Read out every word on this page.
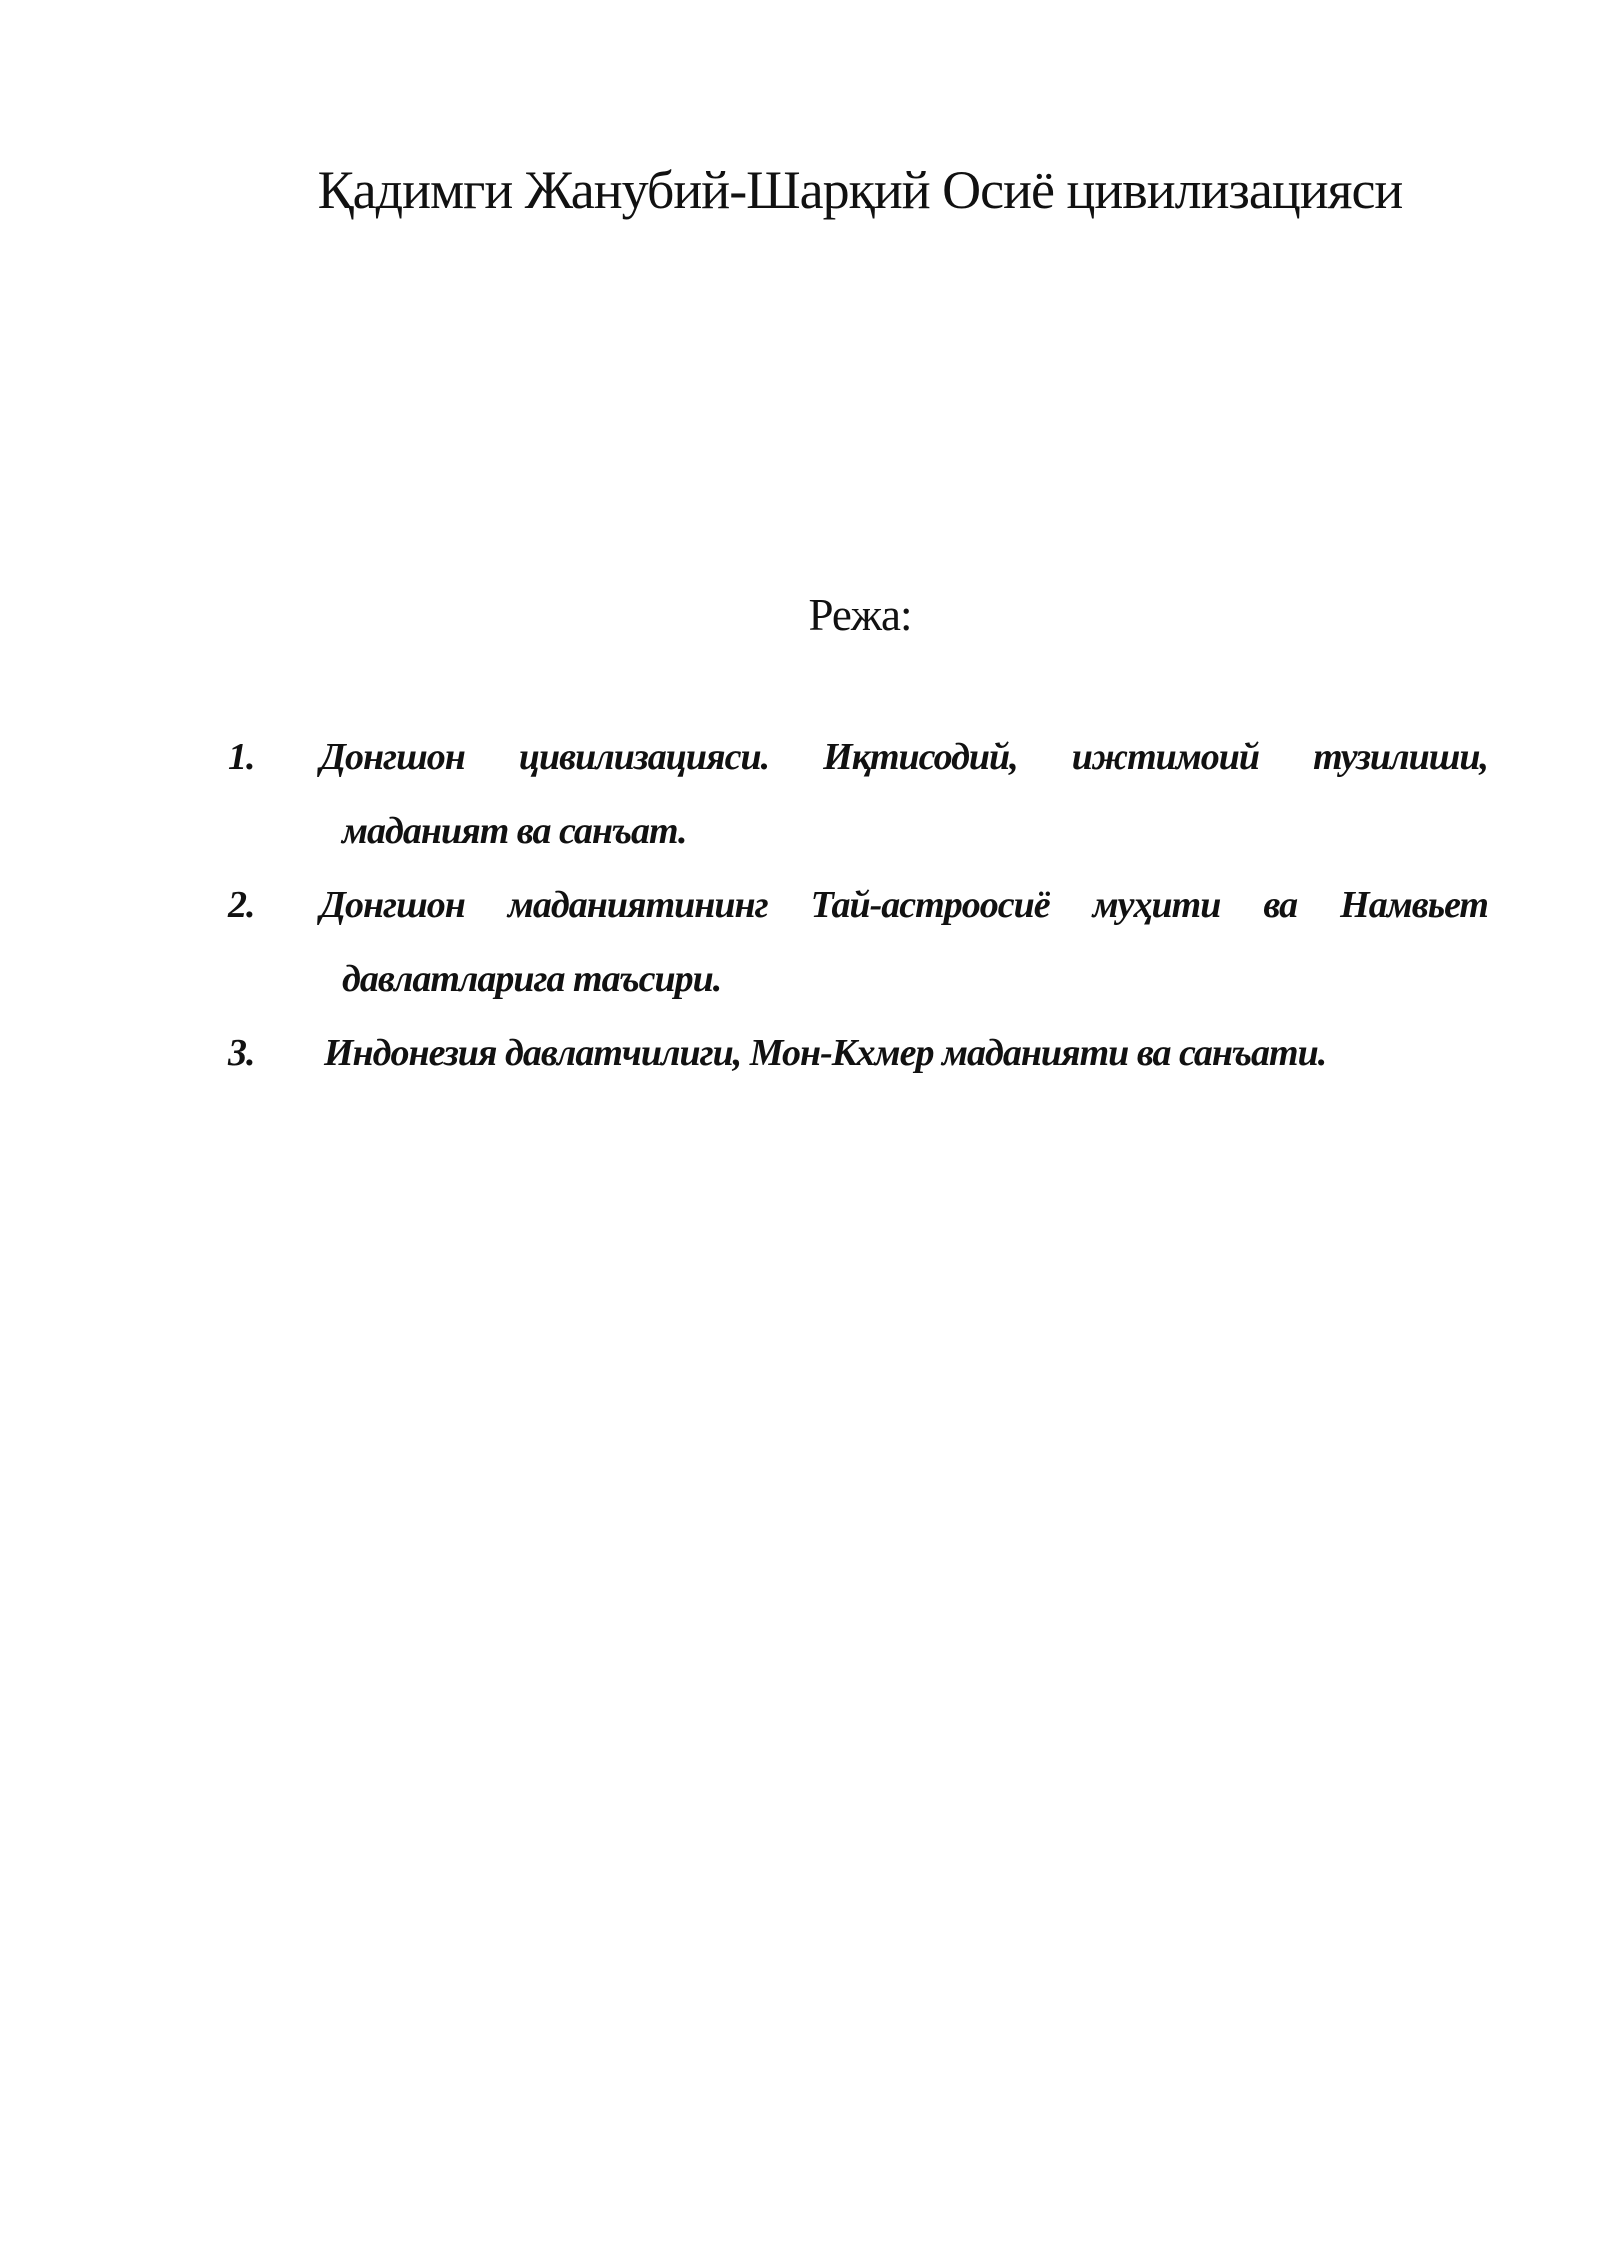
Қадимги Жанубий-Шарқий Осиё цивилизацияси
Режа:
1. Донгшон цивилизацияси. Иқтисодий, ижтимоий тузилиши,
маданият ва санъат.
2. Донгшон маданиятининг Тай-астроосиё муҳити ва Намвьет
давлатларига таъсири.
3. Индонезия давлатчилиги, Мон-Кхмер маданияти ва санъати.
